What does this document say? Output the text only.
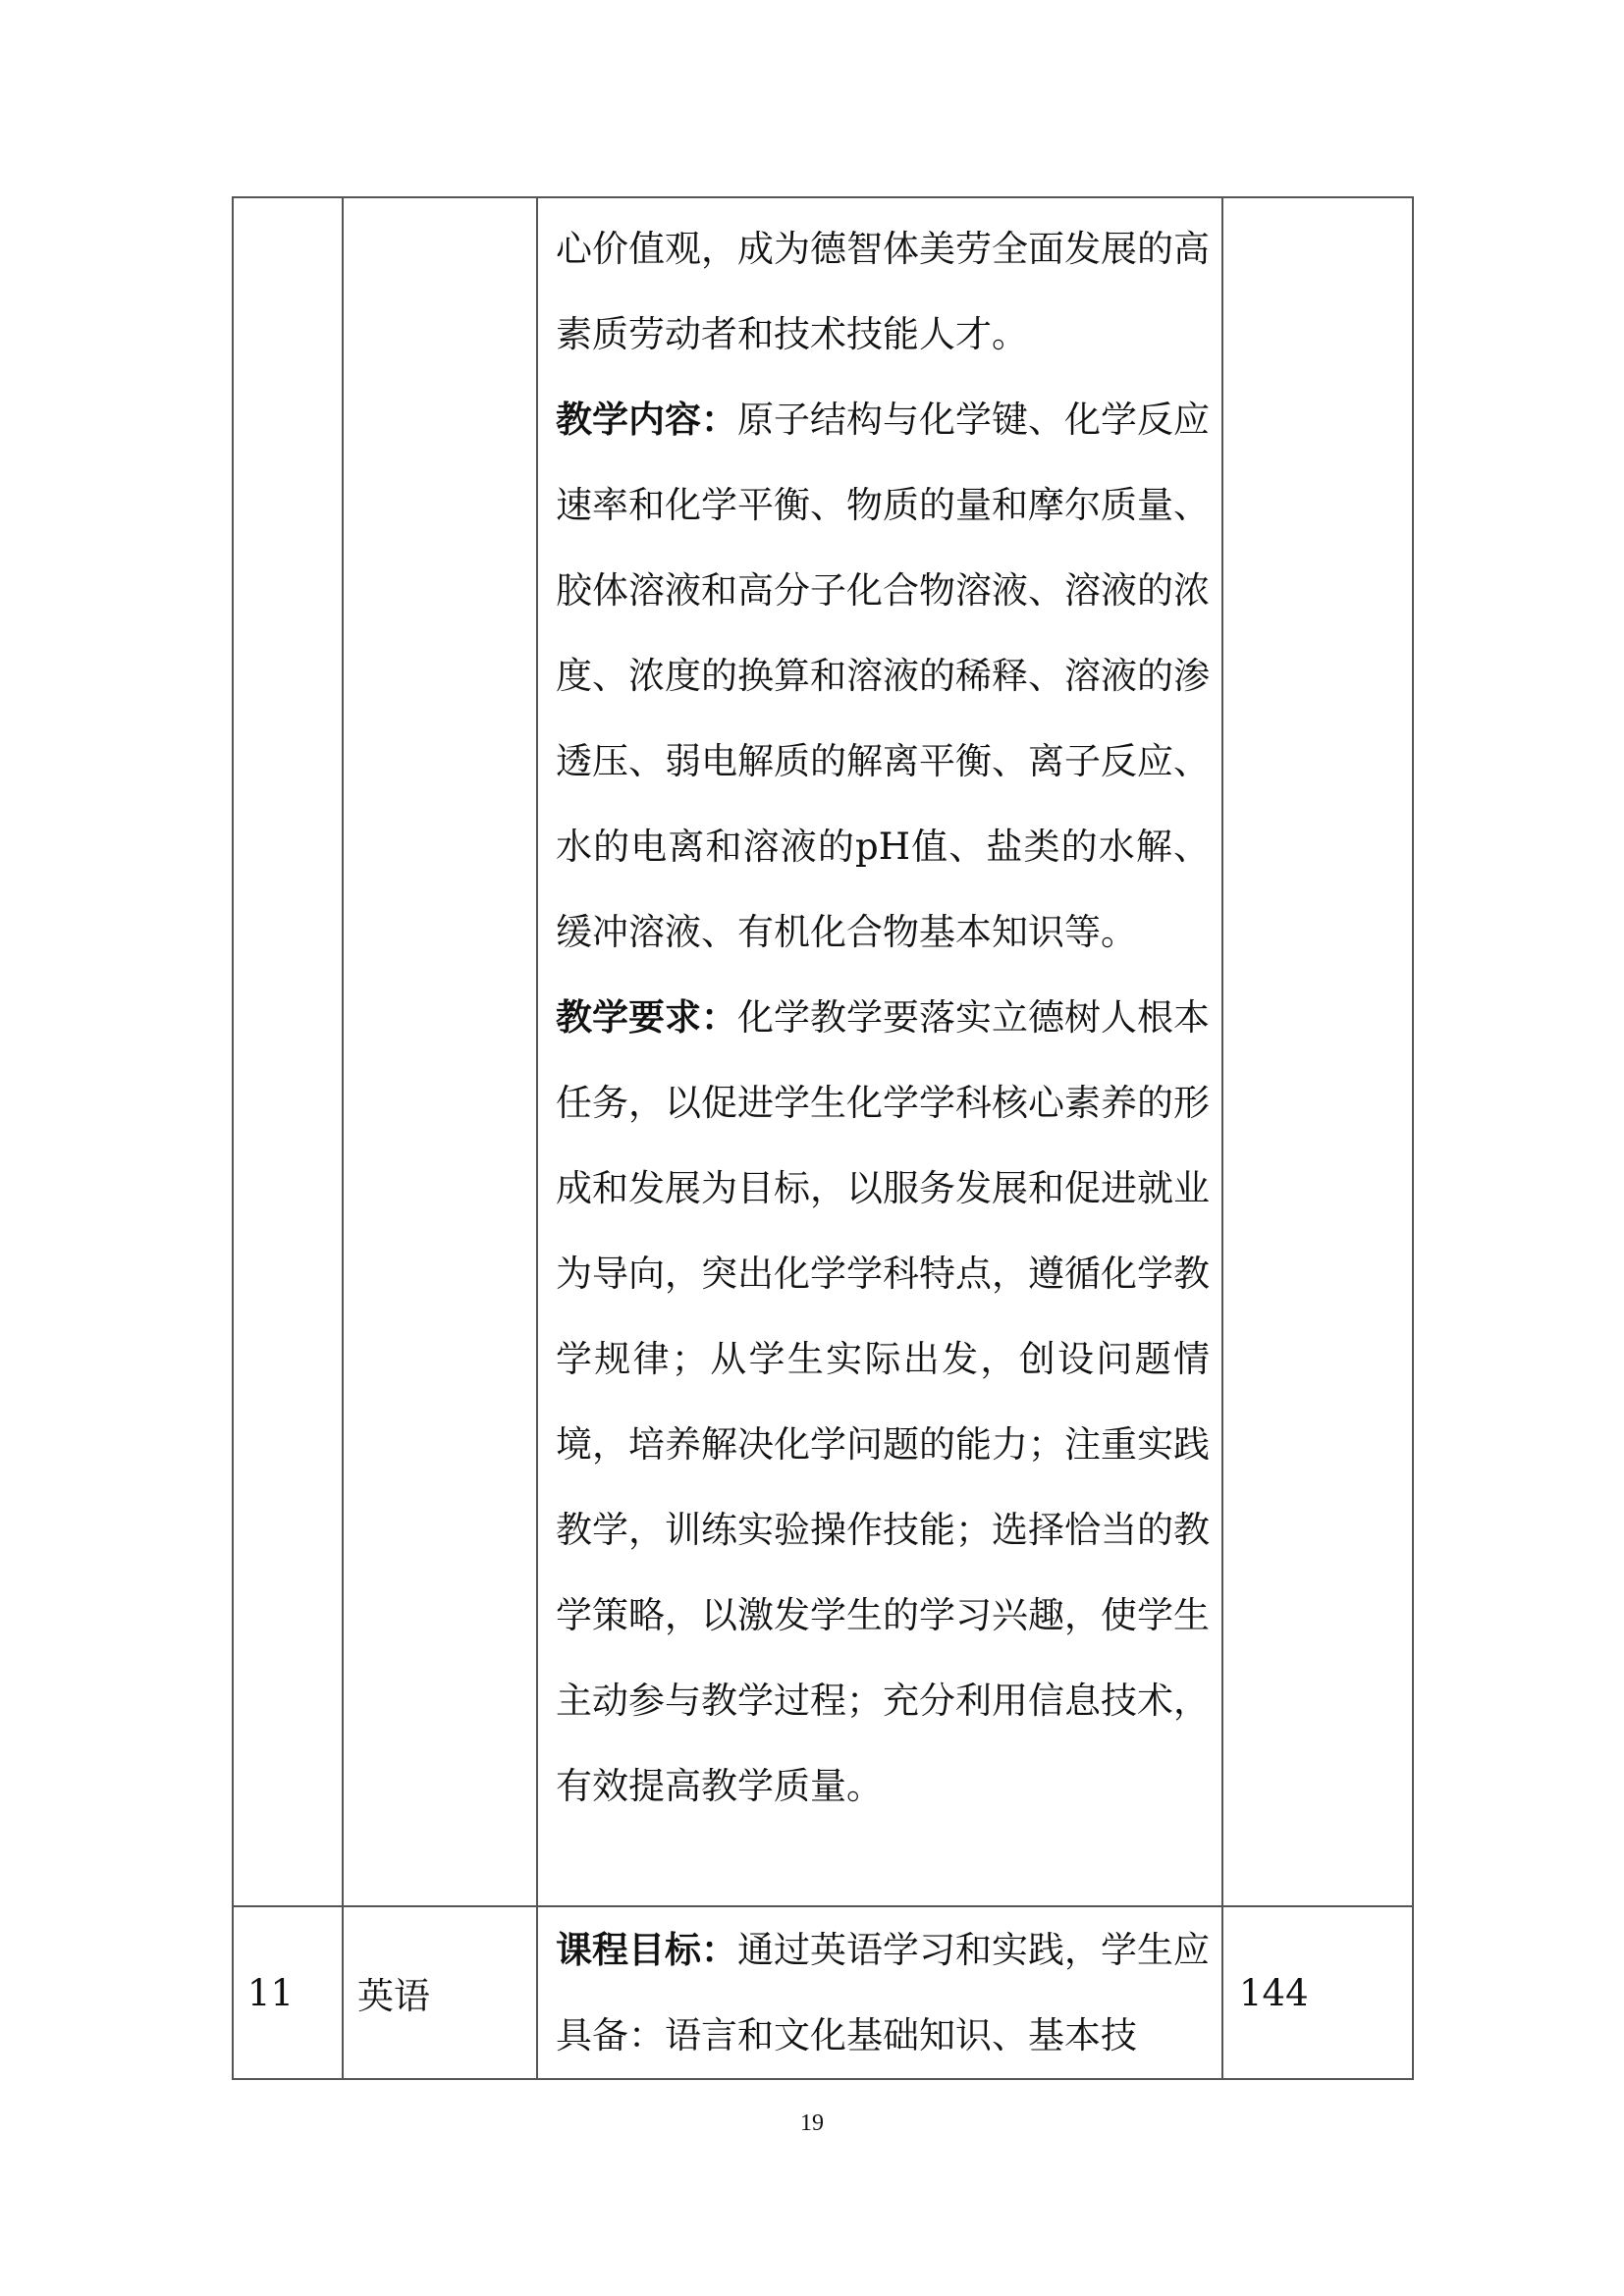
		心价值观，成为德智体美劳全面发展的高素质劳动者和技术技能人才。

教学内容：原子结构与化学键、化学反应速率和化学平衡、物质的量和摩尔质量、胶体溶液和高分子化合物溶液、溶液的浓度、浓度的换算和溶液的稀释、溶液的渗透压、弱电解质的解离平衡、离子反应、水的电离和溶液的pH值、盐类的水解、缓冲溶液、有机化合物基本知识等。

教学要求：化学教学要落实立德树人根本任务，以促进学生化学学科核心素养的形成和发展为目标，以服务发展和促进就业为导向，突出化学学科特点，遵循化学教学规律；从学生实际出发，创设问题情境，培养解决化学问题的能力；注重实践教学，训练实验操作技能；选择恰当的教学策略，以激发学生的学习兴趣，使学生主动参与教学过程；充分利用信息技术，有效提高教学质量。	

11	英语	课程目标：通过英语学习和实践，学生应具备：语言和文化基础知识、基本技	144
19
